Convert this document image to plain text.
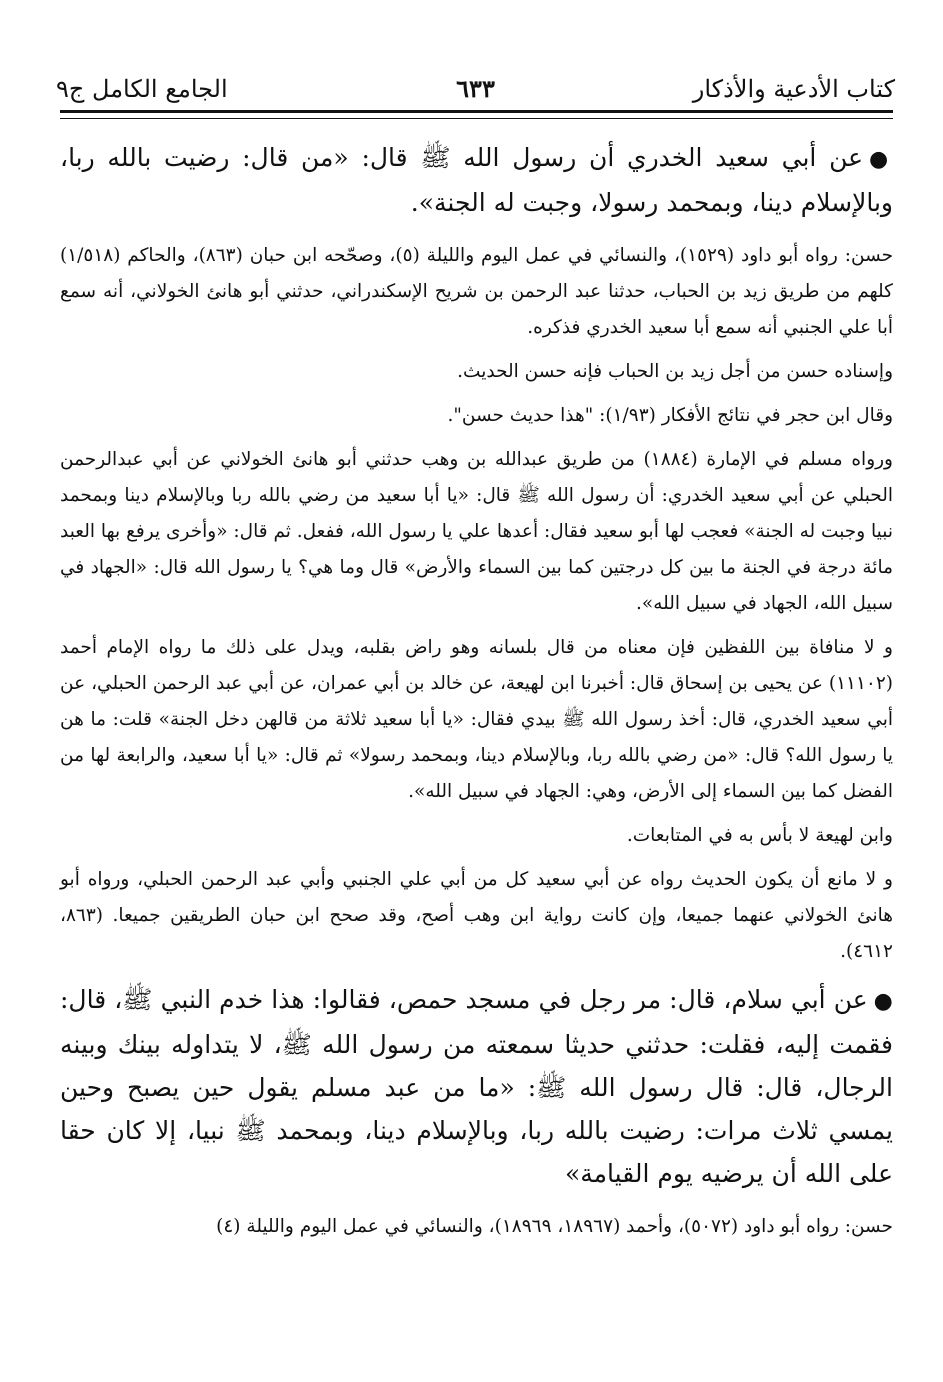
كتاب الأدعية والأذكار
٦٣٣
الجامع الكامل ج٩

●عن أبي سعيد الخدري أن رسول الله ﷺ قال: «من قال: رضيت بالله ربا، وبالإسلام دينا، وبمحمد رسولا، وجبت له الجنة».

حسن: رواه أبو داود (١٥٢٩)، والنسائي في عمل اليوم والليلة (٥)، وصحّحه ابن حبان (٨٦٣)، والحاكم (١/٥١٨) كلهم من طريق زيد بن الحباب، حدثنا عبد الرحمن بن شريح الإسكندراني، حدثني أبو هانئ الخولاني، أنه سمع أبا علي الجنبي أنه سمع أبا سعيد الخدري فذكره.

وإسناده حسن من أجل زيد بن الحباب فإنه حسن الحديث.

وقال ابن حجر في نتائج الأفكار (١/٩٣): "هذا حديث حسن".

ورواه مسلم في الإمارة (١٨٨٤) من طريق عبدالله بن وهب حدثني أبو هانئ الخولاني عن أبي عبدالرحمن الحبلي عن أبي سعيد الخدري: أن رسول الله ﷺ قال: «يا أبا سعيد من رضي بالله ربا وبالإسلام دينا وبمحمد نبيا وجبت له الجنة» فعجب لها أبو سعيد فقال: أعدها علي يا رسول الله، ففعل. ثم قال: «وأخرى يرفع بها العبد مائة درجة في الجنة ما بين كل درجتين كما بين السماء والأرض» قال وما هي؟ يا رسول الله قال: «الجهاد في سبيل الله، الجهاد في سبيل الله».

و لا منافاة بين اللفظين فإن معناه من قال بلسانه وهو راض بقلبه، ويدل على ذلك ما رواه الإمام أحمد (١١١٠٢) عن يحيى بن إسحاق قال: أخبرنا ابن لهيعة، عن خالد بن أبي عمران، عن أبي عبد الرحمن الحبلي، عن أبي سعيد الخدري، قال: أخذ رسول الله ﷺ بيدي فقال: «يا أبا سعيد ثلاثة من قالهن دخل الجنة» قلت: ما هن يا رسول الله؟ قال: «من رضي بالله ربا، وبالإسلام دينا، وبمحمد رسولا» ثم قال: «يا أبا سعيد، والرابعة لها من الفضل كما بين السماء إلى الأرض، وهي: الجهاد في سبيل الله».

وابن لهيعة لا بأس به في المتابعات.

و لا مانع أن يكون الحديث رواه عن أبي سعيد كل من أبي علي الجنبي وأبي عبد الرحمن الحبلي، ورواه أبو هانئ الخولاني عنهما جميعا، وإن كانت رواية ابن وهب أصح، وقد صحح ابن حبان الطريقين جميعا. (٨٦٣، ٤٦١٢).

●عن أبي سلام، قال: مر رجل في مسجد حمص، فقالوا: هذا خدم النبي ﷺ، قال: فقمت إليه، فقلت: حدثني حديثا سمعته من رسول الله ﷺ، لا يتداوله بينك وبينه الرجال، قال: قال رسول الله ﷺ: «ما من عبد مسلم يقول حين يصبح وحين يمسي ثلاث مرات: رضيت بالله ربا، وبالإسلام دينا، وبمحمد ﷺ نبيا، إلا كان حقا على الله أن يرضيه يوم القيامة»

حسن: رواه أبو داود (٥٠٧٢)، وأحمد (١٨٩٦٧، ١٨٩٦٩)، والنسائي في عمل اليوم والليلة (٤)
